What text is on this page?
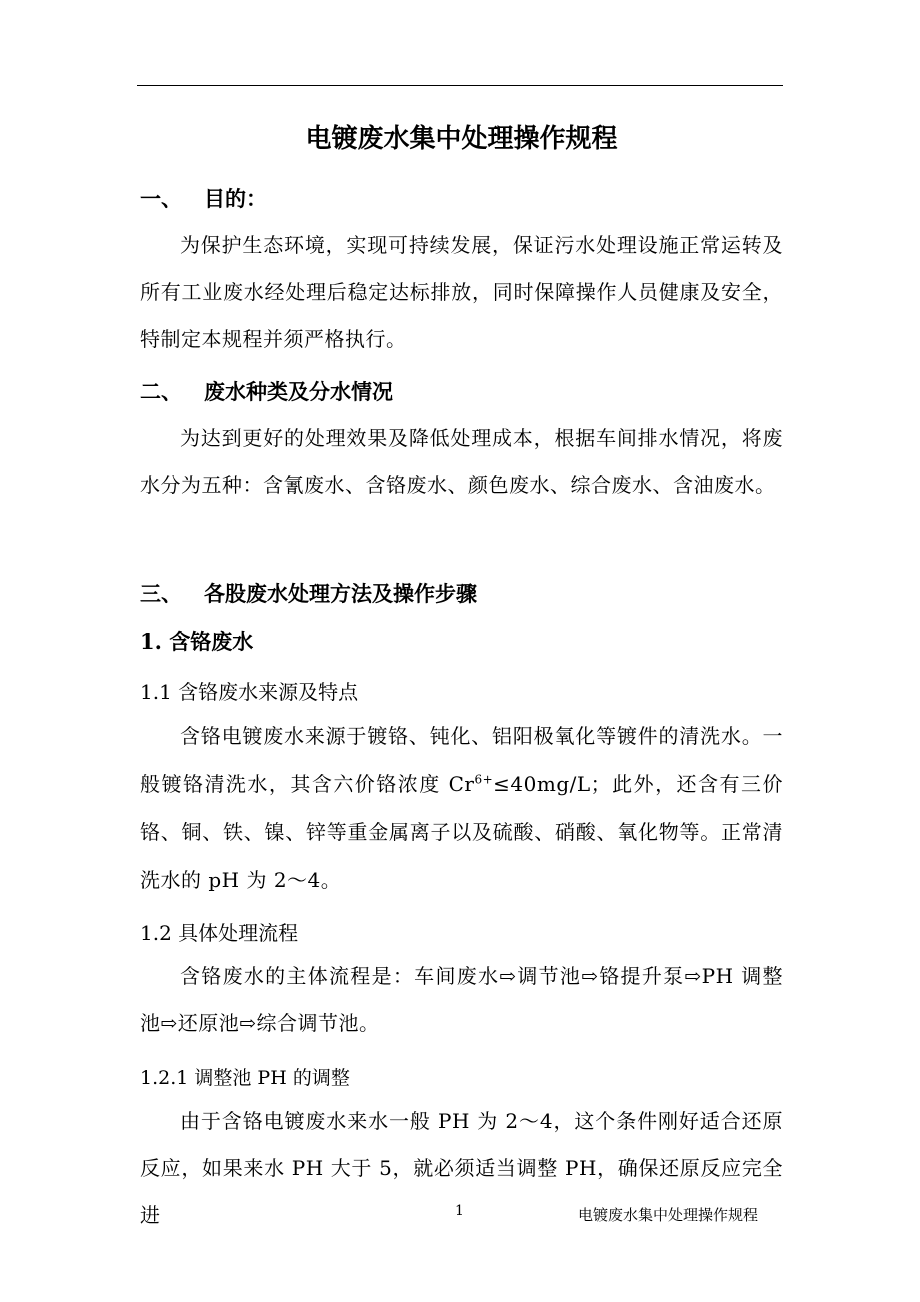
电镀废水集中处理操作规程
一、 目的：

为保护生态环境，实现可持续发展，保证污水处理设施正常运转及所有工业废水经处理后稳定达标排放，同时保障操作人员健康及安全，特制定本规程并须严格执行。

二、 废水种类及分水情况

为达到更好的处理效果及降低处理成本，根据车间排水情况，将废水分为五种：含氰废水、含铬废水、颜色废水、综合废水、含油废水。

三、 各股废水处理方法及操作步骤
1. 含铬废水
1.1 含铬废水来源及特点

含铬电镀废水来源于镀铬、钝化、铝阳极氧化等镀件的清洗水。一般镀铬清洗水，其含六价铬浓度 $Cr^{6+}\le 40mg/L$；此外，还含有三价铬、铜、铁、镍、锌等重金属离子以及硫酸、硝酸、氧化物等。正常清洗水的 pH 为 2～4。

1.2 具体处理流程

含铬废水的主体流程是：车间废水⇨调节池⇨铬提升泵⇨PH 调整池⇨还原池⇨综合调节池。

1.2.1 调整池 PH 的调整

由于含铬电镀废水来水一般 PH 为 2～4，这个条件刚好适合还原反应，如果来水 PH 大于 5，就必须适当调整 PH，确保还原反应完全进	1	电镀废水集中处理操作规程
